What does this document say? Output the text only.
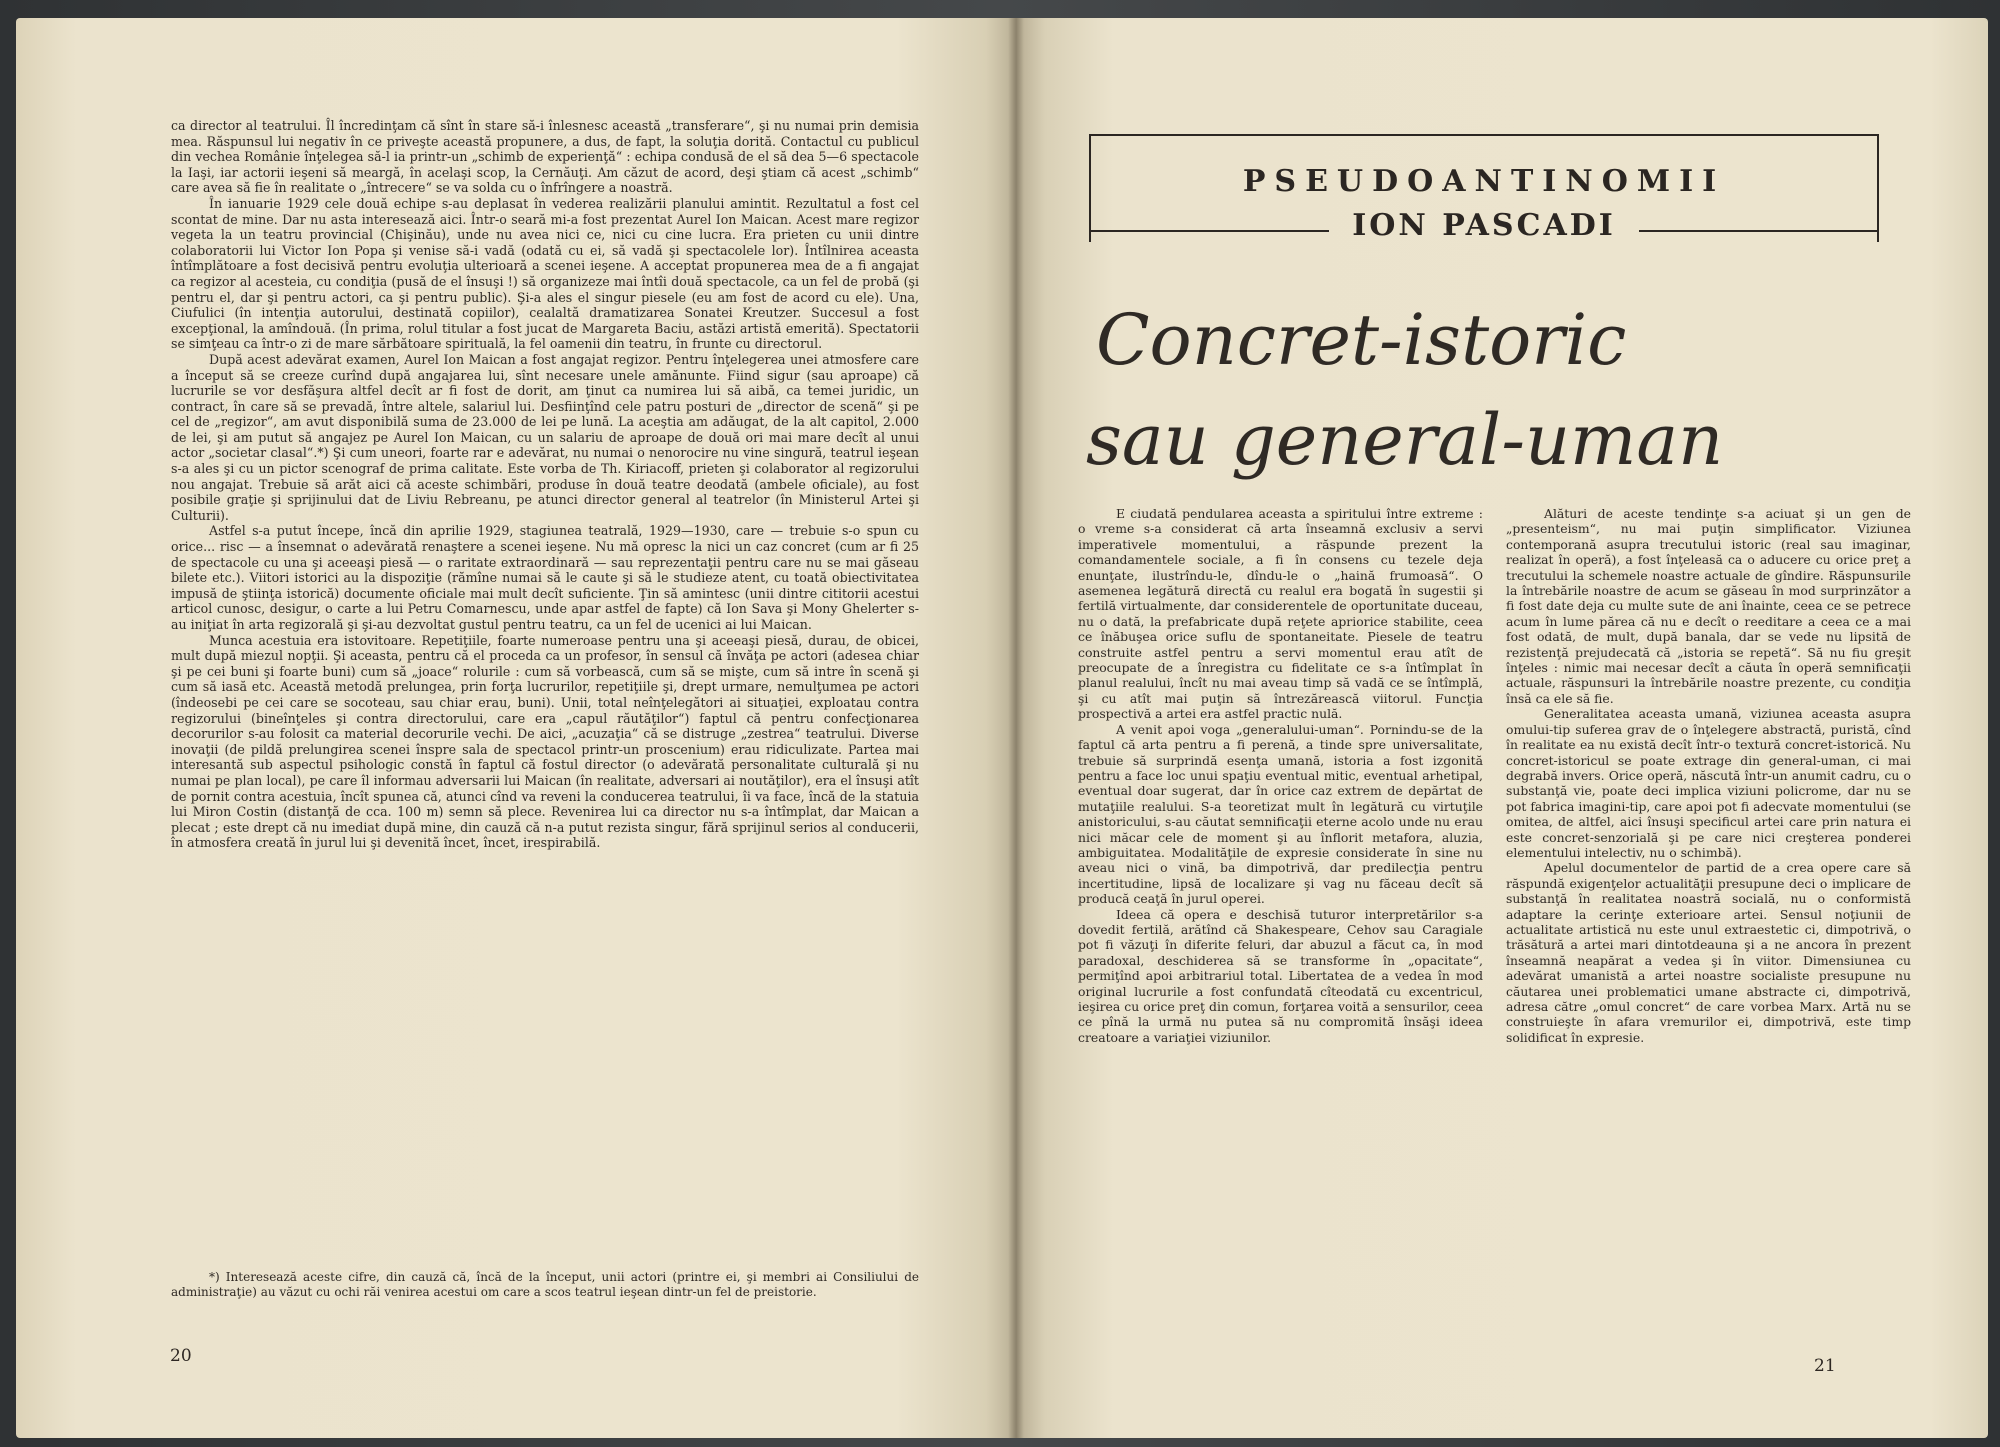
ca director al teatrului. Îl încredinţam că sînt în stare să-i înlesnesc această „transferare“, şi nu numai prin demisia mea. Răspunsul lui negativ în ce priveşte această propunere, a dus, de fapt, la soluţia dorită. Contactul cu publicul din vechea Românie înţelegea să-l ia printr-un „schimb de experienţă“ : echipa condusă de el să dea 5—6 spectacole la Iaşi, iar actorii ieşeni să meargă, în acelaşi scop, la Cernăuţi. Am căzut de acord, deşi ştiam că acest „schimb“ care avea să fie în realitate o „întrecere“ se va solda cu o înfrîngere a noastră.

În ianuarie 1929 cele două echipe s-au deplasat în vederea realizării planului amintit. Rezultatul a fost cel scontat de mine. Dar nu asta interesează aici. Într-o seară mi-a fost prezentat Aurel Ion Maican. Acest mare regizor vegeta la un teatru provincial (Chişinău), unde nu avea nici ce, nici cu cine lucra. Era prieten cu unii dintre colaboratorii lui Victor Ion Popa şi venise să-i vadă (odată cu ei, să vadă şi spectacolele lor). Întîlnirea aceasta întîmplătoare a fost decisivă pentru evoluţia ulterioară a scenei ieşene. A acceptat propunerea mea de a fi angajat ca regizor al acesteia, cu condiţia (pusă de el însuşi !) să organizeze mai întîi două spectacole, ca un fel de probă (şi pentru el, dar şi pentru actori, ca şi pentru public). Şi-a ales el singur piesele (eu am fost de acord cu ele). Una, Ciufulici (în intenţia autorului, destinată copiilor), cealaltă dramatizarea Sonatei Kreutzer. Succesul a fost excepţional, la amîndouă. (În prima, rolul titular a fost jucat de Margareta Baciu, astăzi artistă emerită). Spectatorii se simţeau ca într-o zi de mare sărbătoare spirituală, la fel oamenii din teatru, în frunte cu directorul.

După acest adevărat examen, Aurel Ion Maican a fost angajat regizor. Pentru înţelegerea unei atmosfere care a început să se creeze curînd după angajarea lui, sînt necesare unele amănunte. Fiind sigur (sau aproape) că lucrurile se vor desfăşura altfel decît ar fi fost de dorit, am ţinut ca numirea lui să aibă, ca temei juridic, un contract, în care să se prevadă, între altele, salariul lui. Desfiinţînd cele patru posturi de „director de scenă“ şi pe cel de „regizor“, am avut disponibilă suma de 23.000 de lei pe lună. La aceştia am adăugat, de la alt capitol, 2.000 de lei, şi am putut să angajez pe Aurel Ion Maican, cu un salariu de aproape de două ori mai mare decît al unui actor „societar clasal“.*) Şi cum uneori, foarte rar e adevărat, nu numai o nenorocire nu vine singură, teatrul ieşean s-a ales şi cu un pictor scenograf de prima calitate. Este vorba de Th. Kiriacoff, prieten şi colaborator al regizorului nou angajat. Trebuie să arăt aici că aceste schimbări, produse în două teatre deodată (ambele oficiale), au fost posibile graţie şi sprijinului dat de Liviu Rebreanu, pe atunci director general al teatrelor (în Ministerul Artei şi Culturii).

Astfel s-a putut începe, încă din aprilie 1929, stagiunea teatrală, 1929—1930, care — trebuie s-o spun cu orice... risc — a însemnat o adevărată renaştere a scenei ieşene. Nu mă opresc la nici un caz concret (cum ar fi 25 de spectacole cu una şi aceeaşi piesă — o raritate extraordinară — sau reprezentaţii pentru care nu se mai găseau bilete etc.). Viitori istorici au la dispoziţie (rămîne numai să le caute şi să le studieze atent, cu toată obiectivitatea impusă de ştiinţa istorică) documente oficiale mai mult decît suficiente. Ţin să amintesc (unii dintre cititorii acestui articol cunosc, desigur, o carte a lui Petru Comarnescu, unde apar astfel de fapte) că Ion Sava şi Mony Ghelerter s-au iniţiat în arta regizorală şi şi-au dezvoltat gustul pentru teatru, ca un fel de ucenici ai lui Maican.

Munca acestuia era istovitoare. Repetiţiile, foarte numeroase pentru una şi aceeaşi piesă, durau, de obicei, mult după miezul nopţii. Şi aceasta, pentru că el proceda ca un profesor, în sensul că învăţa pe actori (adesea chiar şi pe cei buni şi foarte buni) cum să „joace“ rolurile : cum să vorbească, cum să se mişte, cum să intre în scenă şi cum să iasă etc. Această metodă prelungea, prin forţa lucrurilor, repetiţiile şi, drept urmare, nemulţumea pe actori (îndeosebi pe cei care se socoteau, sau chiar erau, buni). Unii, total neînţelegători ai situaţiei, exploatau contra regizorului (bineînţeles şi contra directorului, care era „capul răutăţilor“) faptul că pentru confecţionarea decorurilor s-au folosit ca material decorurile vechi. De aici, „acuzaţia“ că se distruge „zestrea“ teatrului. Diverse inovaţii (de pildă prelungirea scenei înspre sala de spectacol printr-un proscenium) erau ridiculizate. Partea mai interesantă sub aspectul psihologic constă în faptul că fostul director (o adevărată personalitate culturală şi nu numai pe plan local), pe care îl informau adversarii lui Maican (în realitate, adversari ai noutăţilor), era el însuşi atît de pornit contra acestuia, încît spunea că, atunci cînd va reveni la conducerea teatrului, îi va face, încă de la statuia lui Miron Costin (distanţă de cca. 100 m) semn să plece. Revenirea lui ca director nu s-a întîmplat, dar Maican a plecat ; este drept că nu imediat după mine, din cauză că n-a putut rezista singur, fără sprijinul serios al conducerii, în atmosfera creată în jurul lui şi devenită încet, încet, irespirabilă.

*) Interesează aceste cifre, din cauză că, încă de la început, unii actori (printre ei, şi membri ai Consiliului de administraţie) au văzut cu ochi răi venirea acestui om care a scos teatrul ieşean dintr-un fel de preistorie.

20
PSEUDOANTINOMII
ION PASCADI
Concret-istoric
sau general-uman

E ciudată pendularea aceasta a spiritului între extreme : o vreme s-a considerat că arta înseamnă exclusiv a servi imperativele momentului, a răspunde prezent la comandamentele sociale, a fi în consens cu tezele deja enunţate, ilustrîndu-le, dîndu-le o „haină frumoasă“. O asemenea legătură directă cu realul era bogată în sugestii şi fertilă virtualmente, dar considerentele de oportunitate duceau, nu o dată, la prefabricate după reţete apriorice stabilite, ceea ce înăbuşea orice suflu de spontaneitate. Piesele de teatru construite astfel pentru a servi momentul erau atît de preocupate de a înregistra cu fidelitate ce s-a întîmplat în planul realului, încît nu mai aveau timp să vadă ce se întîmplă, şi cu atît mai puţin să întrezărească viitorul. Funcţia prospectivă a artei era astfel practic nulă.

A venit apoi voga „generalului-uman“. Pornindu-se de la faptul că arta pentru a fi perenă, a tinde spre universalitate, trebuie să surprindă esenţa umană, istoria a fost izgonită pentru a face loc unui spaţiu eventual mitic, eventual arhetipal, eventual doar sugerat, dar în orice caz extrem de depărtat de mutaţiile realului. S-a teoretizat mult în legătură cu virtuţile anistoricului, s-au căutat semnificaţii eterne acolo unde nu erau nici măcar cele de moment şi au înflorit metafora, aluzia, ambiguitatea. Modalităţile de expresie considerate în sine nu aveau nici o vină, ba dimpotrivă, dar predilecţia pentru incertitudine, lipsă de localizare şi vag nu făceau decît să producă ceaţă în jurul operei.

Ideea că opera e deschisă tuturor interpretărilor s-a dovedit fertilă, arătînd că Shakespeare, Cehov sau Caragiale pot fi văzuţi în diferite feluri, dar abuzul a făcut ca, în mod paradoxal, deschiderea să se transforme în „opacitate“, permiţînd apoi arbitrariul total. Libertatea de a vedea în mod original lucrurile a fost confundată cîteodată cu excentricul, ieşirea cu orice preţ din comun, forţarea voită a sensurilor, ceea ce pînă la urmă nu putea să nu compromită însăşi ideea creatoare a variaţiei viziunilor.

Alături de aceste tendinţe s-a aciuat şi un gen de „presenteism“, nu mai puţin simplificator. Viziunea contemporană asupra trecutului istoric (real sau imaginar, realizat în operă), a fost înţeleasă ca o aducere cu orice preţ a trecutului la schemele noastre actuale de gîndire. Răspunsurile la întrebările noastre de acum se găseau în mod surprinzător a fi fost date deja cu multe sute de ani înainte, ceea ce se petrece acum în lume părea că nu e decît o reeditare a ceea ce a mai fost odată, de mult, după banala, dar se vede nu lipsită de rezistenţă prejudecată că „istoria se repetă“. Să nu fiu greşit înţeles : nimic mai necesar decît a căuta în operă semnificaţii actuale, răspunsuri la întrebările noastre prezente, cu condiţia însă ca ele să fie.

Generalitatea aceasta umană, viziunea aceasta asupra omului-tip suferea grav de o înţelegere abstractă, puristă, cînd în realitate ea nu există decît într-o textură concret-istorică. Nu concret-istoricul se poate extrage din general-uman, ci mai degrabă invers. Orice operă, născută într-un anumit cadru, cu o substanţă vie, poate deci implica viziuni policrome, dar nu se pot fabrica imagini-tip, care apoi pot fi adecvate momentului (se omitea, de altfel, aici însuşi specificul artei care prin natura ei este concret-senzorială şi pe care nici creşterea ponderei elementului intelectiv, nu o schimbă).

Apelul documentelor de partid de a crea opere care să răspundă exigenţelor actualităţii presupune deci o implicare de substanţă în realitatea noastră socială, nu o conformistă adaptare la cerinţe exterioare artei. Sensul noţiunii de actualitate artistică nu este unul extraestetic ci, dimpotrivă, o trăsătură a artei mari dintotdeauna şi a ne ancora în prezent înseamnă neapărat a vedea şi în viitor. Dimensiunea cu adevărat umanistă a artei noastre socialiste presupune nu căutarea unei problematici umane abstracte ci, dimpotrivă, adresa către „omul concret“ de care vorbea Marx. Artă nu se construieşte în afara vremurilor ei, dimpotrivă, este timp solidificat în expresie.

21
